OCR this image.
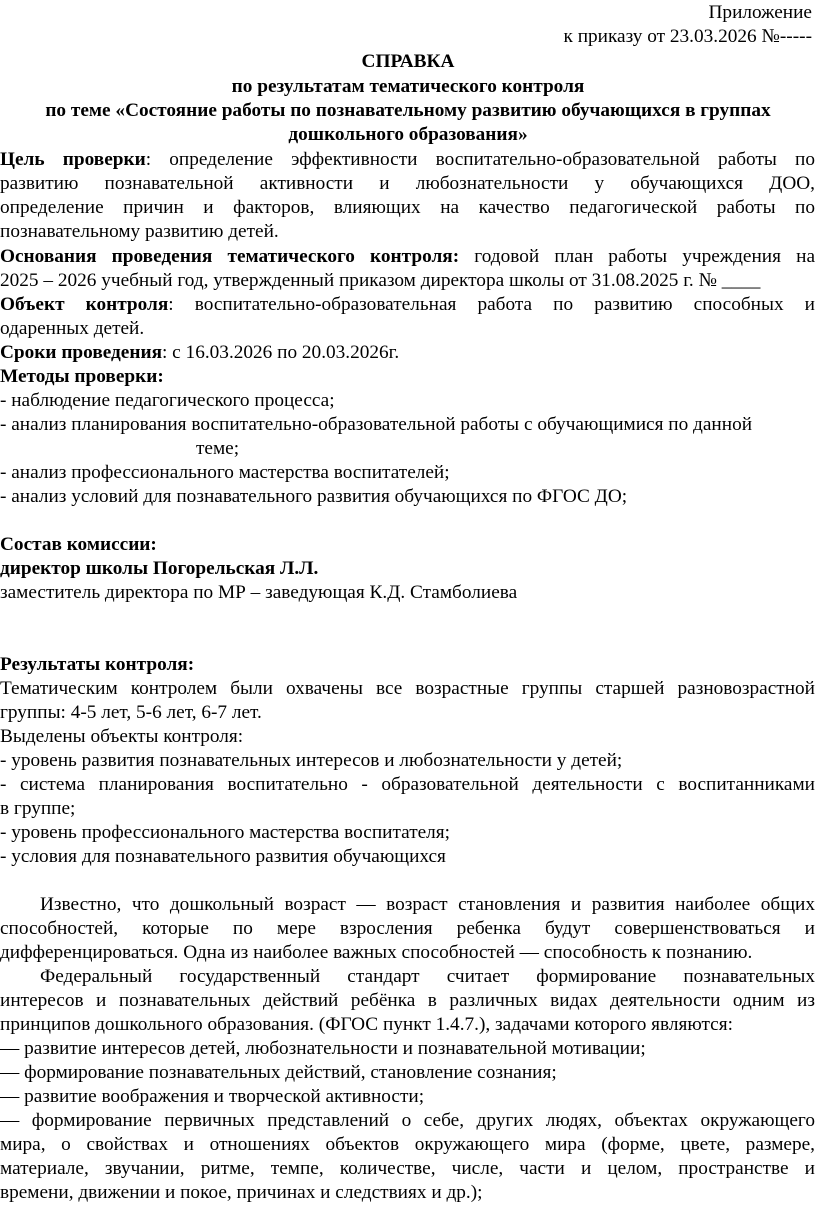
Приложение
к приказу от 23.03.2026 №-----
СПРАВКА
по результатам тематического контроля
по теме «Состояние работы по познавательному развитию обучающихся в группах
дошкольного образования»
Цель проверки: определение эффективности воспитательно-образовательной работы по
развитию познавательной активности и любознательности у обучающихся ДОО,
определение причин и факторов, влияющих на качество педагогической работы по
познавательному развитию детей.
Основания проведения тематического контроля: годовой план работы учреждения на
2025 – 2026 учебный год, утвержденный приказом директора школы от 31.08.2025 г. № ____
Объект контроля: воспитательно-образовательная работа по развитию способных и
одаренных детей.
Сроки проведения: с 16.03.2026 по 20.03.2026г.
Методы проверки:
- наблюдение педагогического процесса;
- анализ планирования воспитательно-образовательной работы с обучающимися по данной
теме;
- анализ профессионального мастерства воспитателей;
- анализ условий для познавательного развития обучающихся по ФГОС ДО;
Состав комиссии:
директор школы Погорельская Л.Л.
заместитель директора по МР – заведующая К.Д. Стамболиева
Результаты контроля:
Тематическим контролем были охвачены все возрастные группы старшей разновозрастной
группы: 4-5 лет, 5-6 лет, 6-7 лет.
Выделены объекты контроля:
- уровень развития познавательных интересов и любознательности у детей;
- система планирования воспитательно - образовательной деятельности с воспитанниками
в группе;
- уровень профессионального мастерства воспитателя;
- условия для познавательного развития обучающихся
Известно, что дошкольный возраст — возраст становления и развития наиболее общих
способностей, которые по мере взросления ребенка будут совершенствоваться и
дифференцироваться. Одна из наиболее важных способностей — способность к познанию.
Федеральный государственный стандарт считает формирование познавательных
интересов и познавательных действий ребёнка в различных видах деятельности одним из
принципов дошкольного образования. (ФГОС пункт 1.4.7.), задачами которого являются:
— развитие интересов детей, любознательности и познавательной мотивации;
— формирование познавательных действий, становление сознания;
— развитие воображения и творческой активности;
— формирование первичных представлений о себе, других людях, объектах окружающего
мира, о свойствах и отношениях объектов окружающего мира (форме, цвете, размере,
материале, звучании, ритме, темпе, количестве, числе, части и целом, пространстве и
времени, движении и покое, причинах и следствиях и др.);
